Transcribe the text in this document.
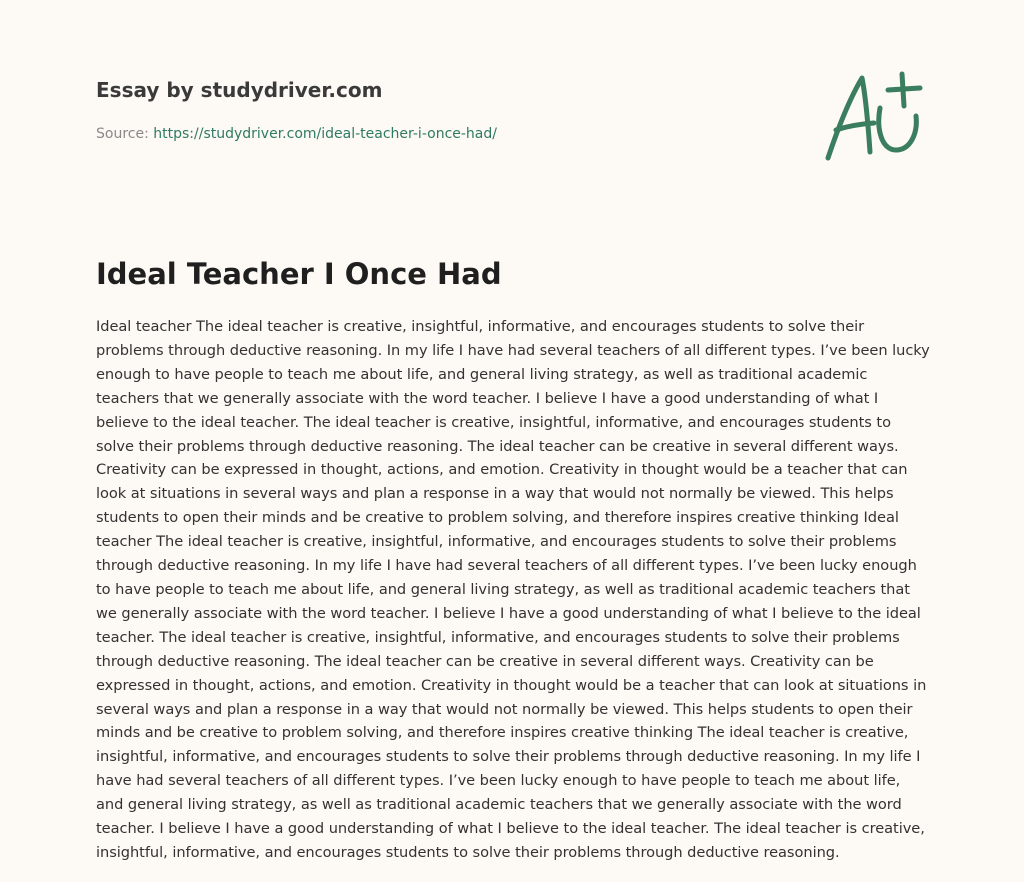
Essay by studydriver.com

Source: https://studydriver.com/ideal-teacher-i-once-had/
Ideal Teacher I Once Had

Ideal teacher The ideal teacher is creative, insightful, informative, and encourages students to solve their problems through deductive reasoning. In my life I have had several teachers of all different types. I’ve been lucky enough to have people to teach me about life, and general living strategy, as well as traditional academic teachers that we generally associate with the word teacher. I believe I have a good understanding of what I believe to the ideal teacher. The ideal teacher is creative, insightful, informative, and encourages students to solve their problems through deductive reasoning. The ideal teacher can be creative in several different ways. Creativity can be expressed in thought, actions, and emotion. Creativity in thought would be a teacher that can look at situations in several ways and plan a response in a way that would not normally be viewed. This helps students to open their minds and be creative to problem solving, and therefore inspires creative thinking Ideal teacher The ideal teacher is creative, insightful, informative, and encourages students to solve their problems through deductive reasoning. In my life I have had several teachers of all different types. I’ve been lucky enough to have people to teach me about life, and general living strategy, as well as traditional academic teachers that we generally associate with the word teacher. I believe I have a good understanding of what I believe to the ideal teacher. The ideal teacher is creative, insightful, informative, and encourages students to solve their problems through deductive reasoning. The ideal teacher can be creative in several different ways. Creativity can be expressed in thought, actions, and emotion. Creativity in thought would be a teacher that can look at situations in several ways and plan a response in a way that would not normally be viewed. This helps students to open their minds and be creative to problem solving, and therefore inspires creative thinking The ideal teacher is creative, insightful, informative, and encourages students to solve their problems through deductive reasoning. In my life I have had several teachers of all different types. I’ve been lucky enough to have people to teach me about life, and general living strategy, as well as traditional academic teachers that we generally associate with the word teacher. I believe I have a good understanding of what I believe to the ideal teacher. The ideal teacher is creative, insightful, informative, and encourages students to solve their problems through deductive reasoning.
